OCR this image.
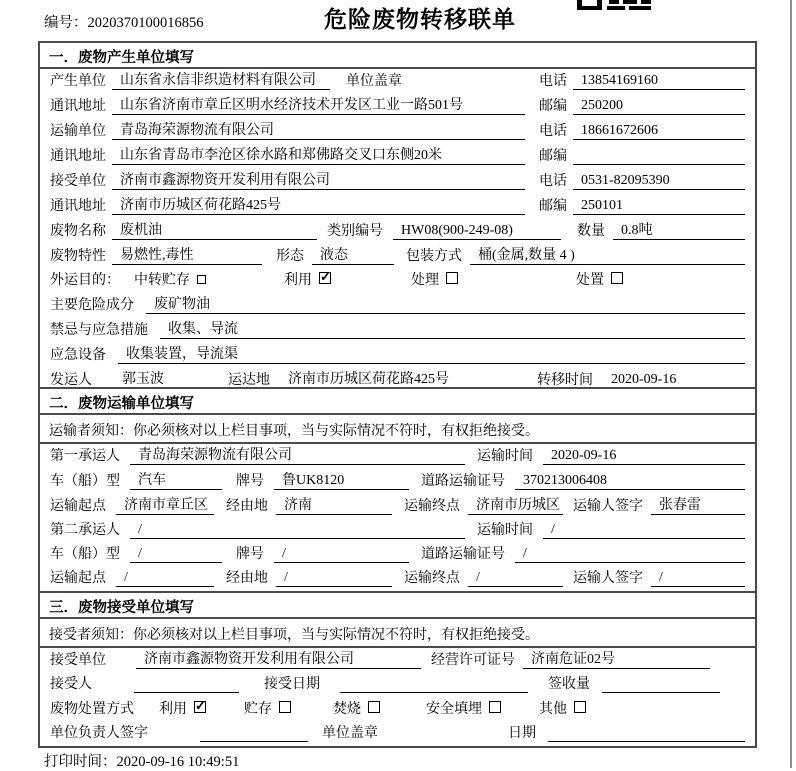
编号：2020370100016856	危险废物转移联单
一．废物产生单位填写
产生单位	山东省永信非织造材料有限公司	单位盖章	电话	13854169160
通讯地址	山东省济南市章丘区明水经济技术开发区工业一路501号	邮编	250200
运输单位	青岛海荣源物流有限公司	电话	18661672606
通讯地址	山东省青岛市李沧区徐水路和郑佛路交叉口东侧20米	邮编
接受单位	济南市鑫源物资开发利用有限公司	电话	0531-82095390
通讯地址	济南市历城区荷花路425号	邮编	250101
废物名称	废机油	类别编号	HW08(900-249-08)	数量	0.8吨
废物特性	易燃性,毒性	形态	液态	包装方式	桶(金属,数量 4 )
外运目的： 中转贮存	利用 ✓	处理	处置
主要危险成分	废矿物油
禁忌与应急措施	收集、导流
应急设备	收集装置，导流渠
发运人	郭玉波	运达地	济南市历城区荷花路425号	转移时间	2020-09-16
二．废物运输单位填写
运输者须知：你必须核对以上栏目事项，当与实际情况不符时，有权拒绝接受。
第一承运人	青岛海荣源物流有限公司	运输时间	2020-09-16
车（船）型	汽车	牌号	鲁UK8120	道路运输证号	370213006408
运输起点	济南市章丘区	经由地	济南	运输终点	济南市历城区 运输人签字	张春雷
第二承运人	/	运输时间	/
车（船）型	/	牌号	/	道路运输证号	/
运输起点	/	经由地	/	运输终点	/	运输人签字	/
三．废物接受单位填写
接受者须知：你必须核对以上栏目事项，当与实际情况不符时，有权拒绝接受。
接受单位	济南市鑫源物资开发利用有限公司	经营许可证号	济南危证02号
接受人	接受日期	签收量
废物处置方式 利用 ✓	贮存	焚烧	安全填埋	其他
单位负责人签字	单位盖章	日期
打印时间：2020-09-16 10:49:51
